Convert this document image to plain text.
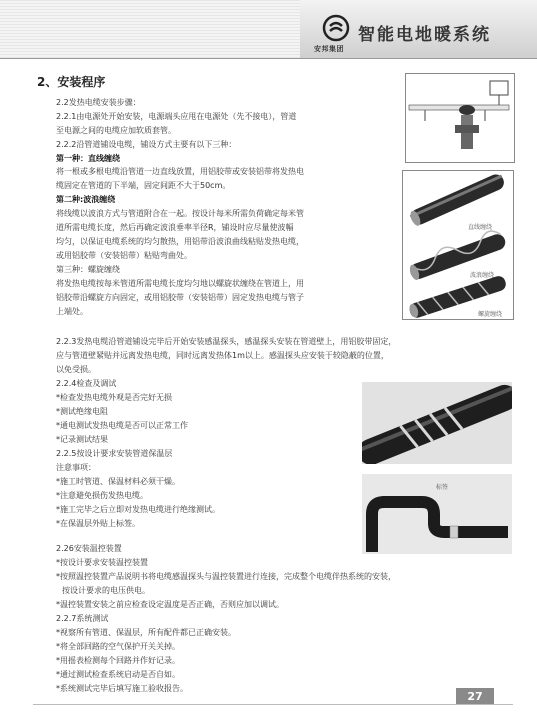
安邦集团
智能电地暖系统
2、安装程序
2.2发热电缆安装步骤：
2.2.1由电源处开始安装，电源端头应甩在电源处（先不接电），管道
至电源之间的电缆应加软质套管。
2.2.2沿管道铺设电缆，铺设方式主要有以下三种：
第一种：直线缠绕
将一根或多根电缆沿管道一边直线放置，用铝胶带或安装铝带将发热电
缆固定在管道的下半端，固定间距不大于50cm。
第二种:波浪缠绕
将线缆以波浪方式与管道附合在一起。按设计每米所需负荷确定每米管
道所需电缆长度，然后再确定波浪垂率半径R，铺设时应尽量使波幅
均匀，以保证电缆系统的均匀散热，用铝带沿波浪曲线粘贴发热电缆，
或用铝胶带（安装铝带）粘贴弯曲处。
第三种：螺旋缠绕
将发热电缆按每米管道所需电缆长度均匀地以螺旋状缠绕在管道上，用
铝胶带沿螺旋方向固定，或用铝胶带（安装铝带）固定发热电缆与管子
上端处。
2.2.3发热电缆沿管道铺设完毕后开始安装感温探头，感温探头安装在管道壁上，用铝胶带固定，
应与管道壁紧贴并远离发热电缆，同时远离发热体1m以上。感温探头应安装于较隐蔽的位置，
以免受损。
2.2.4检查及调试
*检查发热电缆外观是否完好无损
*测试绝缘电阻
*通电测试发热电缆是否可以正常工作
*记录测试结果
2.2.5按设计要求安装管道保温层
注意事项：
*施工时管道、保温材料必须干燥。
*注意避免损伤发热电缆。
*施工完毕之后立即对发热电缆进行绝缘测试。
*在保温层外贴上标签。
2.26安装温控装置
*按设计要求安装温控装置
*按照温控装置产品说明书将电缆感温探头与温控装置进行连接，完成整个电缆伴热系统的安装，
按设计要求的电压供电。
*温控装置安装之前应检查设定温度是否正确，否则应加以调试。
2.2.7系统测试
*视察所有管道、保温层，所有配件都已正确安装。
*将全部回路的空气保护开关关掉。
*用摇表检测每个回路并作好记录。
*通过测试检查系统启动是否自如。
*系统测试完毕后填写施工验收报告。
直线缠绕
波浪缠绕
螺旋缠绕
标签
27
